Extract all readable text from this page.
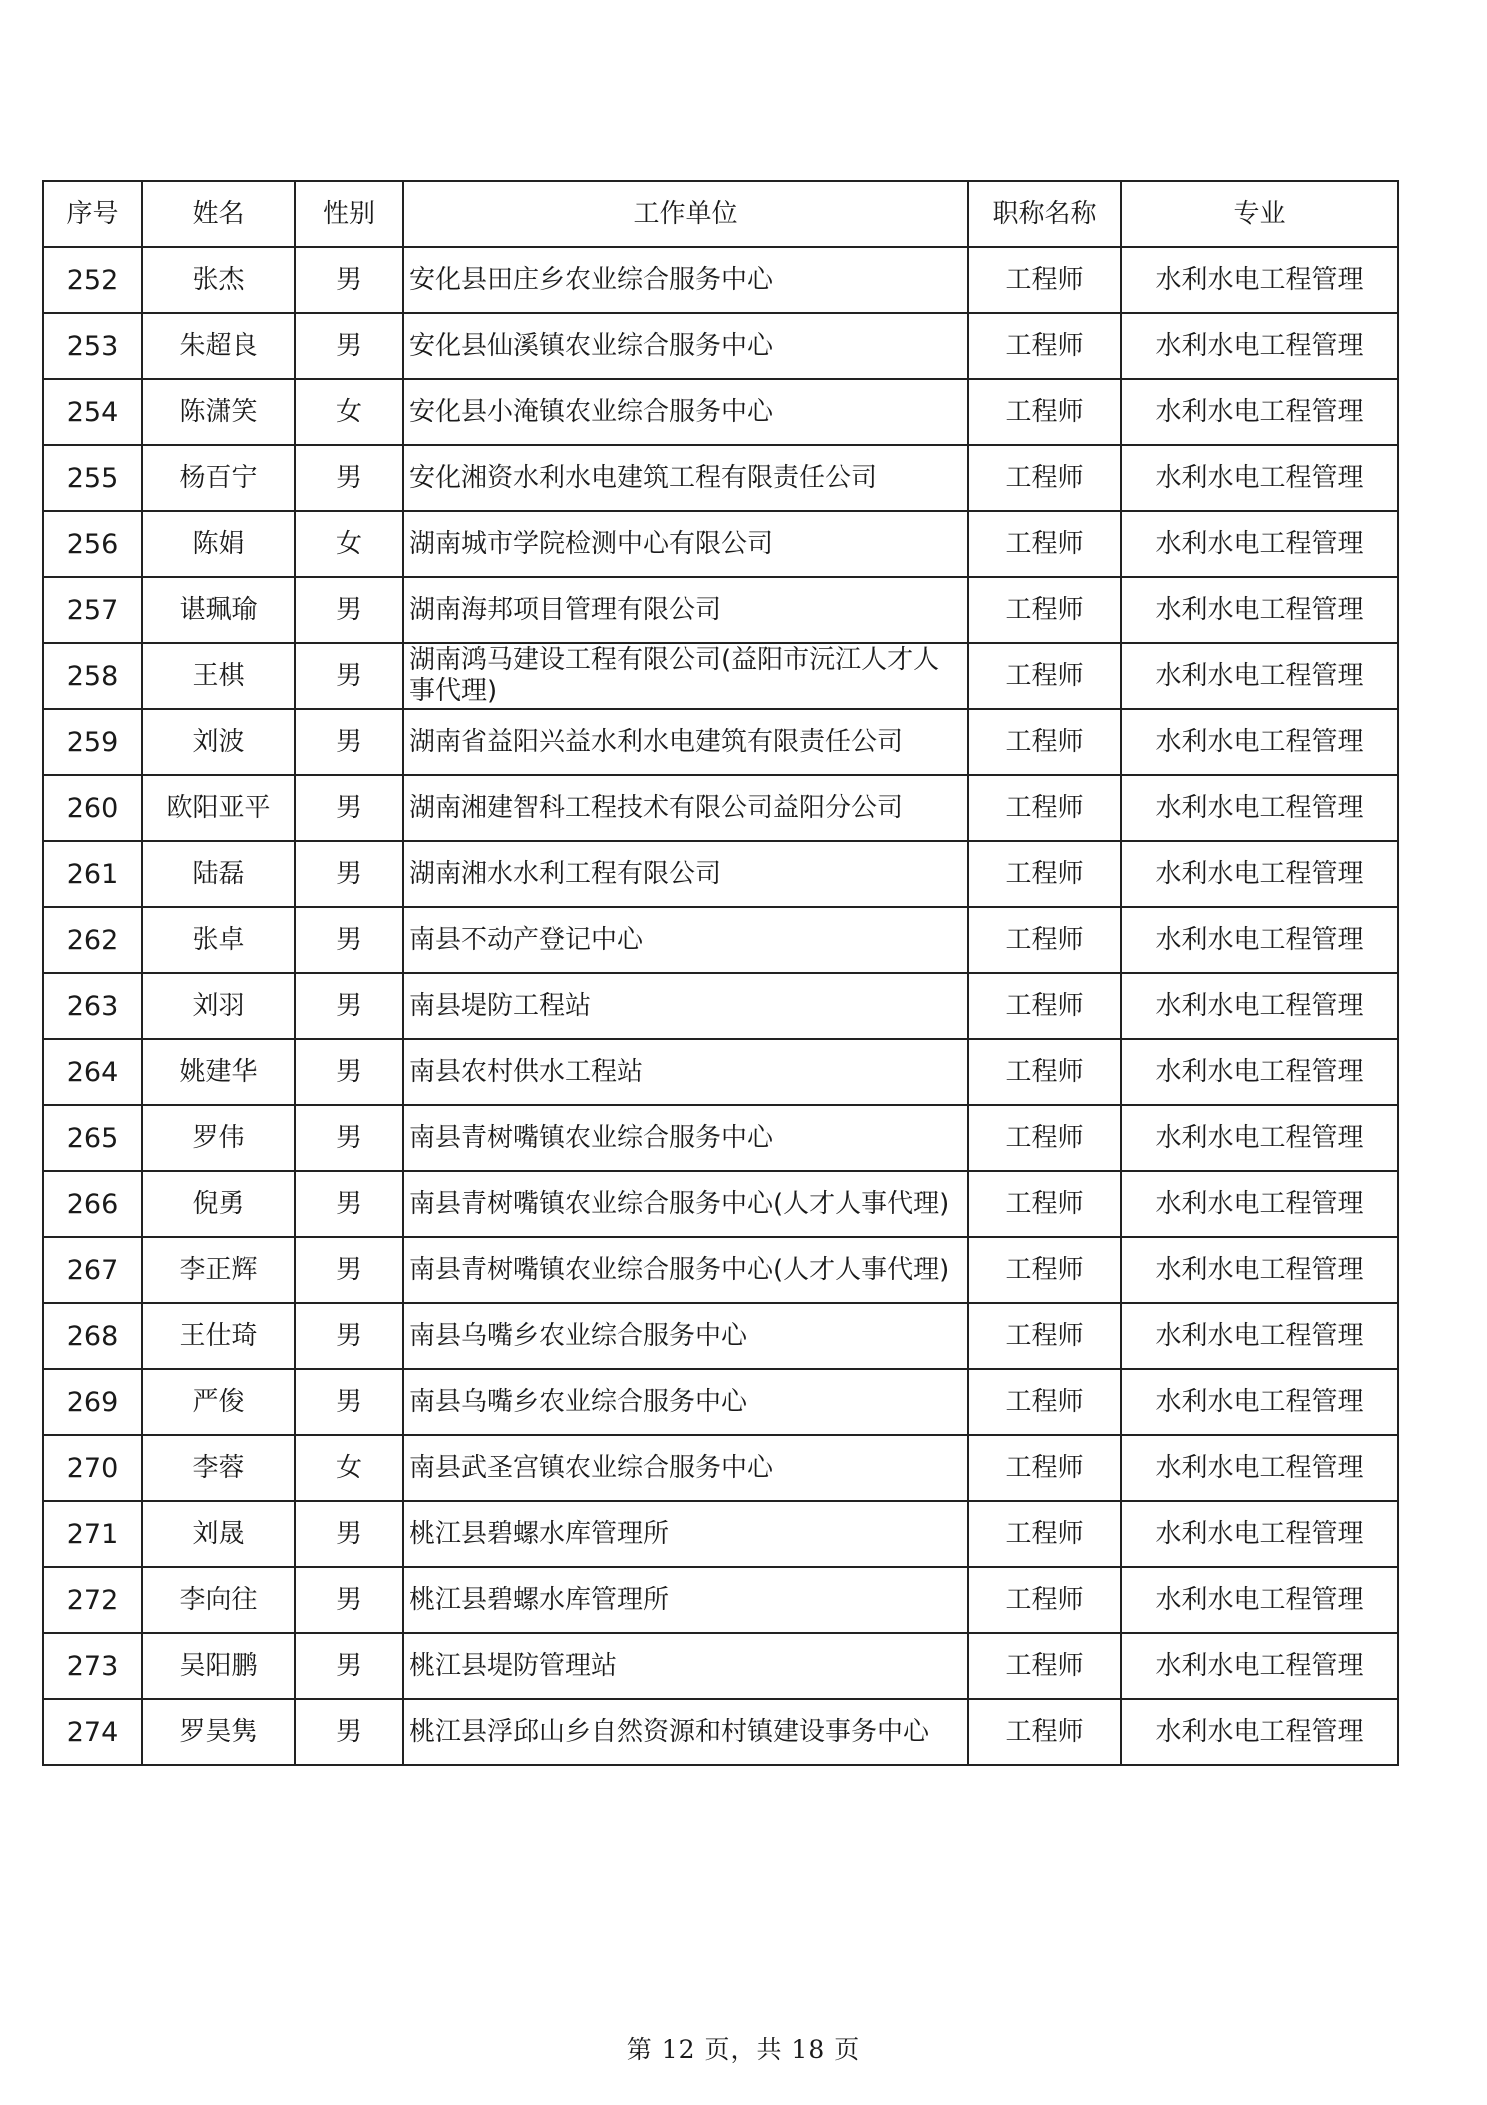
序号	姓名	性别	工作单位	职称名称	专业
252	张杰	男	安化县田庄乡农业综合服务中心	工程师	水利水电工程管理
253	朱超良	男	安化县仙溪镇农业综合服务中心	工程师	水利水电工程管理
254	陈潇笑	女	安化县小淹镇农业综合服务中心	工程师	水利水电工程管理
255	杨百宁	男	安化湘资水利水电建筑工程有限责任公司	工程师	水利水电工程管理
256	陈娟	女	湖南城市学院检测中心有限公司	工程师	水利水电工程管理
257	谌珮瑜	男	湖南海邦项目管理有限公司	工程师	水利水电工程管理
258	王棋	男	湖南鸿马建设工程有限公司(益阳市沅江人才人事代理)	工程师	水利水电工程管理
259	刘波	男	湖南省益阳兴益水利水电建筑有限责任公司	工程师	水利水电工程管理
260	欧阳亚平	男	湖南湘建智科工程技术有限公司益阳分公司	工程师	水利水电工程管理
261	陆磊	男	湖南湘水水利工程有限公司	工程师	水利水电工程管理
262	张卓	男	南县不动产登记中心	工程师	水利水电工程管理
263	刘羽	男	南县堤防工程站	工程师	水利水电工程管理
264	姚建华	男	南县农村供水工程站	工程师	水利水电工程管理
265	罗伟	男	南县青树嘴镇农业综合服务中心	工程师	水利水电工程管理
266	倪勇	男	南县青树嘴镇农业综合服务中心(人才人事代理)	工程师	水利水电工程管理
267	李正辉	男	南县青树嘴镇农业综合服务中心(人才人事代理)	工程师	水利水电工程管理
268	王仕琦	男	南县乌嘴乡农业综合服务中心	工程师	水利水电工程管理
269	严俊	男	南县乌嘴乡农业综合服务中心	工程师	水利水电工程管理
270	李蓉	女	南县武圣宫镇农业综合服务中心	工程师	水利水电工程管理
271	刘晟	男	桃江县碧螺水库管理所	工程师	水利水电工程管理
272	李向往	男	桃江县碧螺水库管理所	工程师	水利水电工程管理
273	吴阳鹏	男	桃江县堤防管理站	工程师	水利水电工程管理
274	罗昊隽	男	桃江县浮邱山乡自然资源和村镇建设事务中心	工程师	水利水电工程管理
第 12 页，共 18 页
